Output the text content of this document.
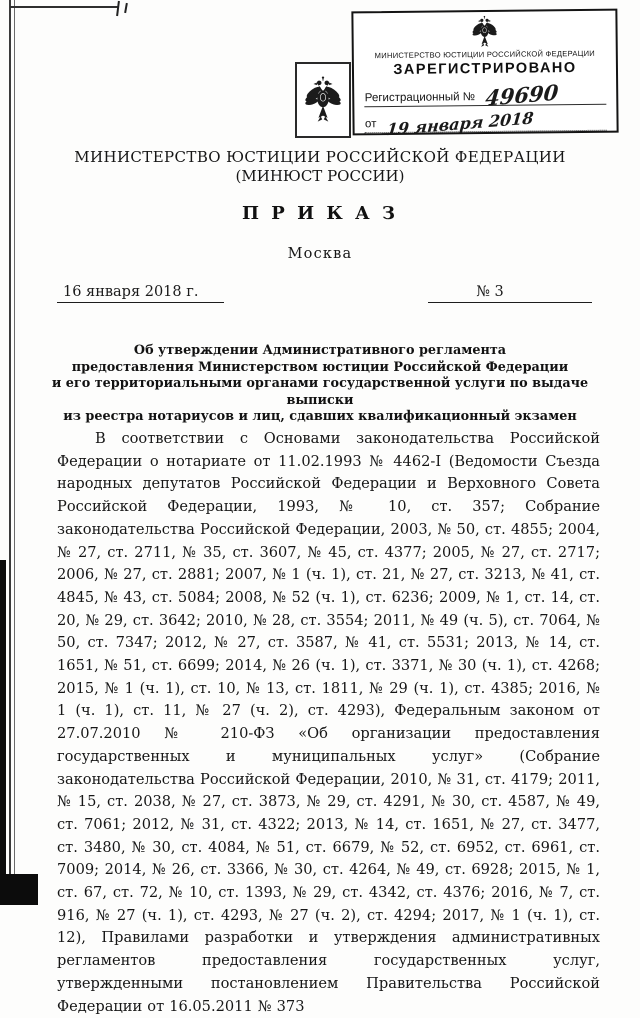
МИНИСТЕРСТВО ЮСТИЦИИ РОССИЙСКОЙ ФЕДЕРАЦИИ
ЗАРЕГИСТРИРОВАНО
Регистрационный № 49690
от 19 января 2018
МИНИСТЕРСТВО ЮСТИЦИИ РОССИЙСКОЙ ФЕДЕРАЦИИ
(МИНЮСТ РОССИИ)
П Р И К А З
Москва
16 января 2018 г.	№ 3
Об утверждении Административного регламента
предоставления Министерством юстиции Российской Федерации
и его территориальными органами государственной услуги по выдаче выписки
из реестра нотариусов и лиц, сдавших квалификационный экзамен

В соответствии с Основами законодательства Российской Федерации о нотариате от 11.02.1993 № 4462-I (Ведомости Съезда народных депутатов Российской Федерации и Верховного Совета Российской Федерации, 1993, № 10, ст. 357; Собрание законодательства Российской Федерации, 2003, № 50, ст. 4855; 2004, № 27, ст. 2711, № 35, ст. 3607, № 45, ст. 4377; 2005, № 27, ст. 2717; 2006, № 27, ст. 2881; 2007, № 1 (ч. 1), ст. 21, № 27, ст. 3213, № 41, ст. 4845, № 43, ст. 5084; 2008, № 52 (ч. 1), ст. 6236; 2009, № 1, ст. 14, ст. 20, № 29, ст. 3642; 2010, № 28, ст. 3554; 2011, № 49 (ч. 5), ст. 7064, № 50, ст. 7347; 2012, № 27, ст. 3587, № 41, ст. 5531; 2013, № 14, ст. 1651, № 51, ст. 6699; 2014, № 26 (ч. 1), ст. 3371, № 30 (ч. 1), ст. 4268; 2015, № 1 (ч. 1), ст. 10, № 13, ст. 1811, № 29 (ч. 1), ст. 4385; 2016, № 1 (ч. 1), ст. 11, № 27 (ч. 2), ст. 4293), Федеральным законом от 27.07.2010 № 210-ФЗ «Об организации предоставления государственных и муниципальных услуг» (Собрание законодательства Российской Федерации, 2010, № 31, ст. 4179; 2011, № 15, ст. 2038, № 27, ст. 3873, № 29, ст. 4291, № 30, ст. 4587, № 49, ст. 7061; 2012, № 31, ст. 4322; 2013, № 14, ст. 1651, № 27, ст. 3477, ст. 3480, № 30, ст. 4084, № 51, ст. 6679, № 52, ст. 6952, ст. 6961, ст. 7009; 2014, № 26, ст. 3366, № 30, ст. 4264, № 49, ст. 6928; 2015, № 1, ст. 67, ст. 72, № 10, ст. 1393, № 29, ст. 4342, ст. 4376; 2016, № 7, ст. 916, № 27 (ч. 1), ст. 4293, № 27 (ч. 2), ст. 4294; 2017, № 1 (ч. 1), ст. 12), Правилами разработки и утверждения административных регламентов предоставления государственных услуг, утвержденными постановлением Правительства Российской Федерации от 16.05.2011 № 373
